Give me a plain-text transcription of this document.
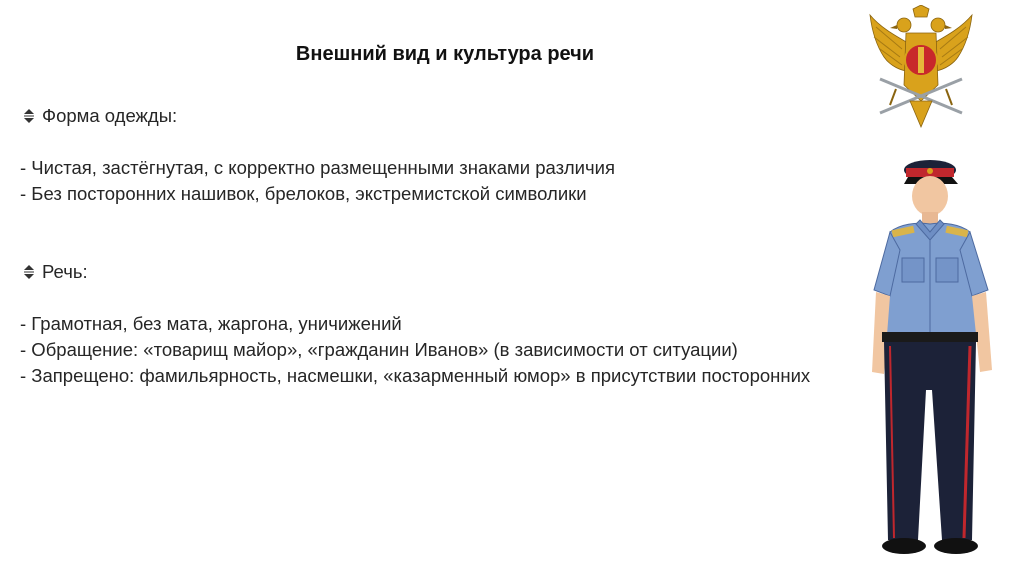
Внешний вид и культура речи
Форма одежды:
- Чистая, застёгнутая, с корректно размещенными знаками различия
- Без посторонних нашивок, брелоков, экстремистской символики
Речь:
- Грамотная, без мата, жаргона, уничижений
- Обращение: «товарищ майор», «гражданин Иванов» (в зависимости от ситуации)
- Запрещено: фамильярность, насмешки, «казарменный юмор» в присутствии посторонних
